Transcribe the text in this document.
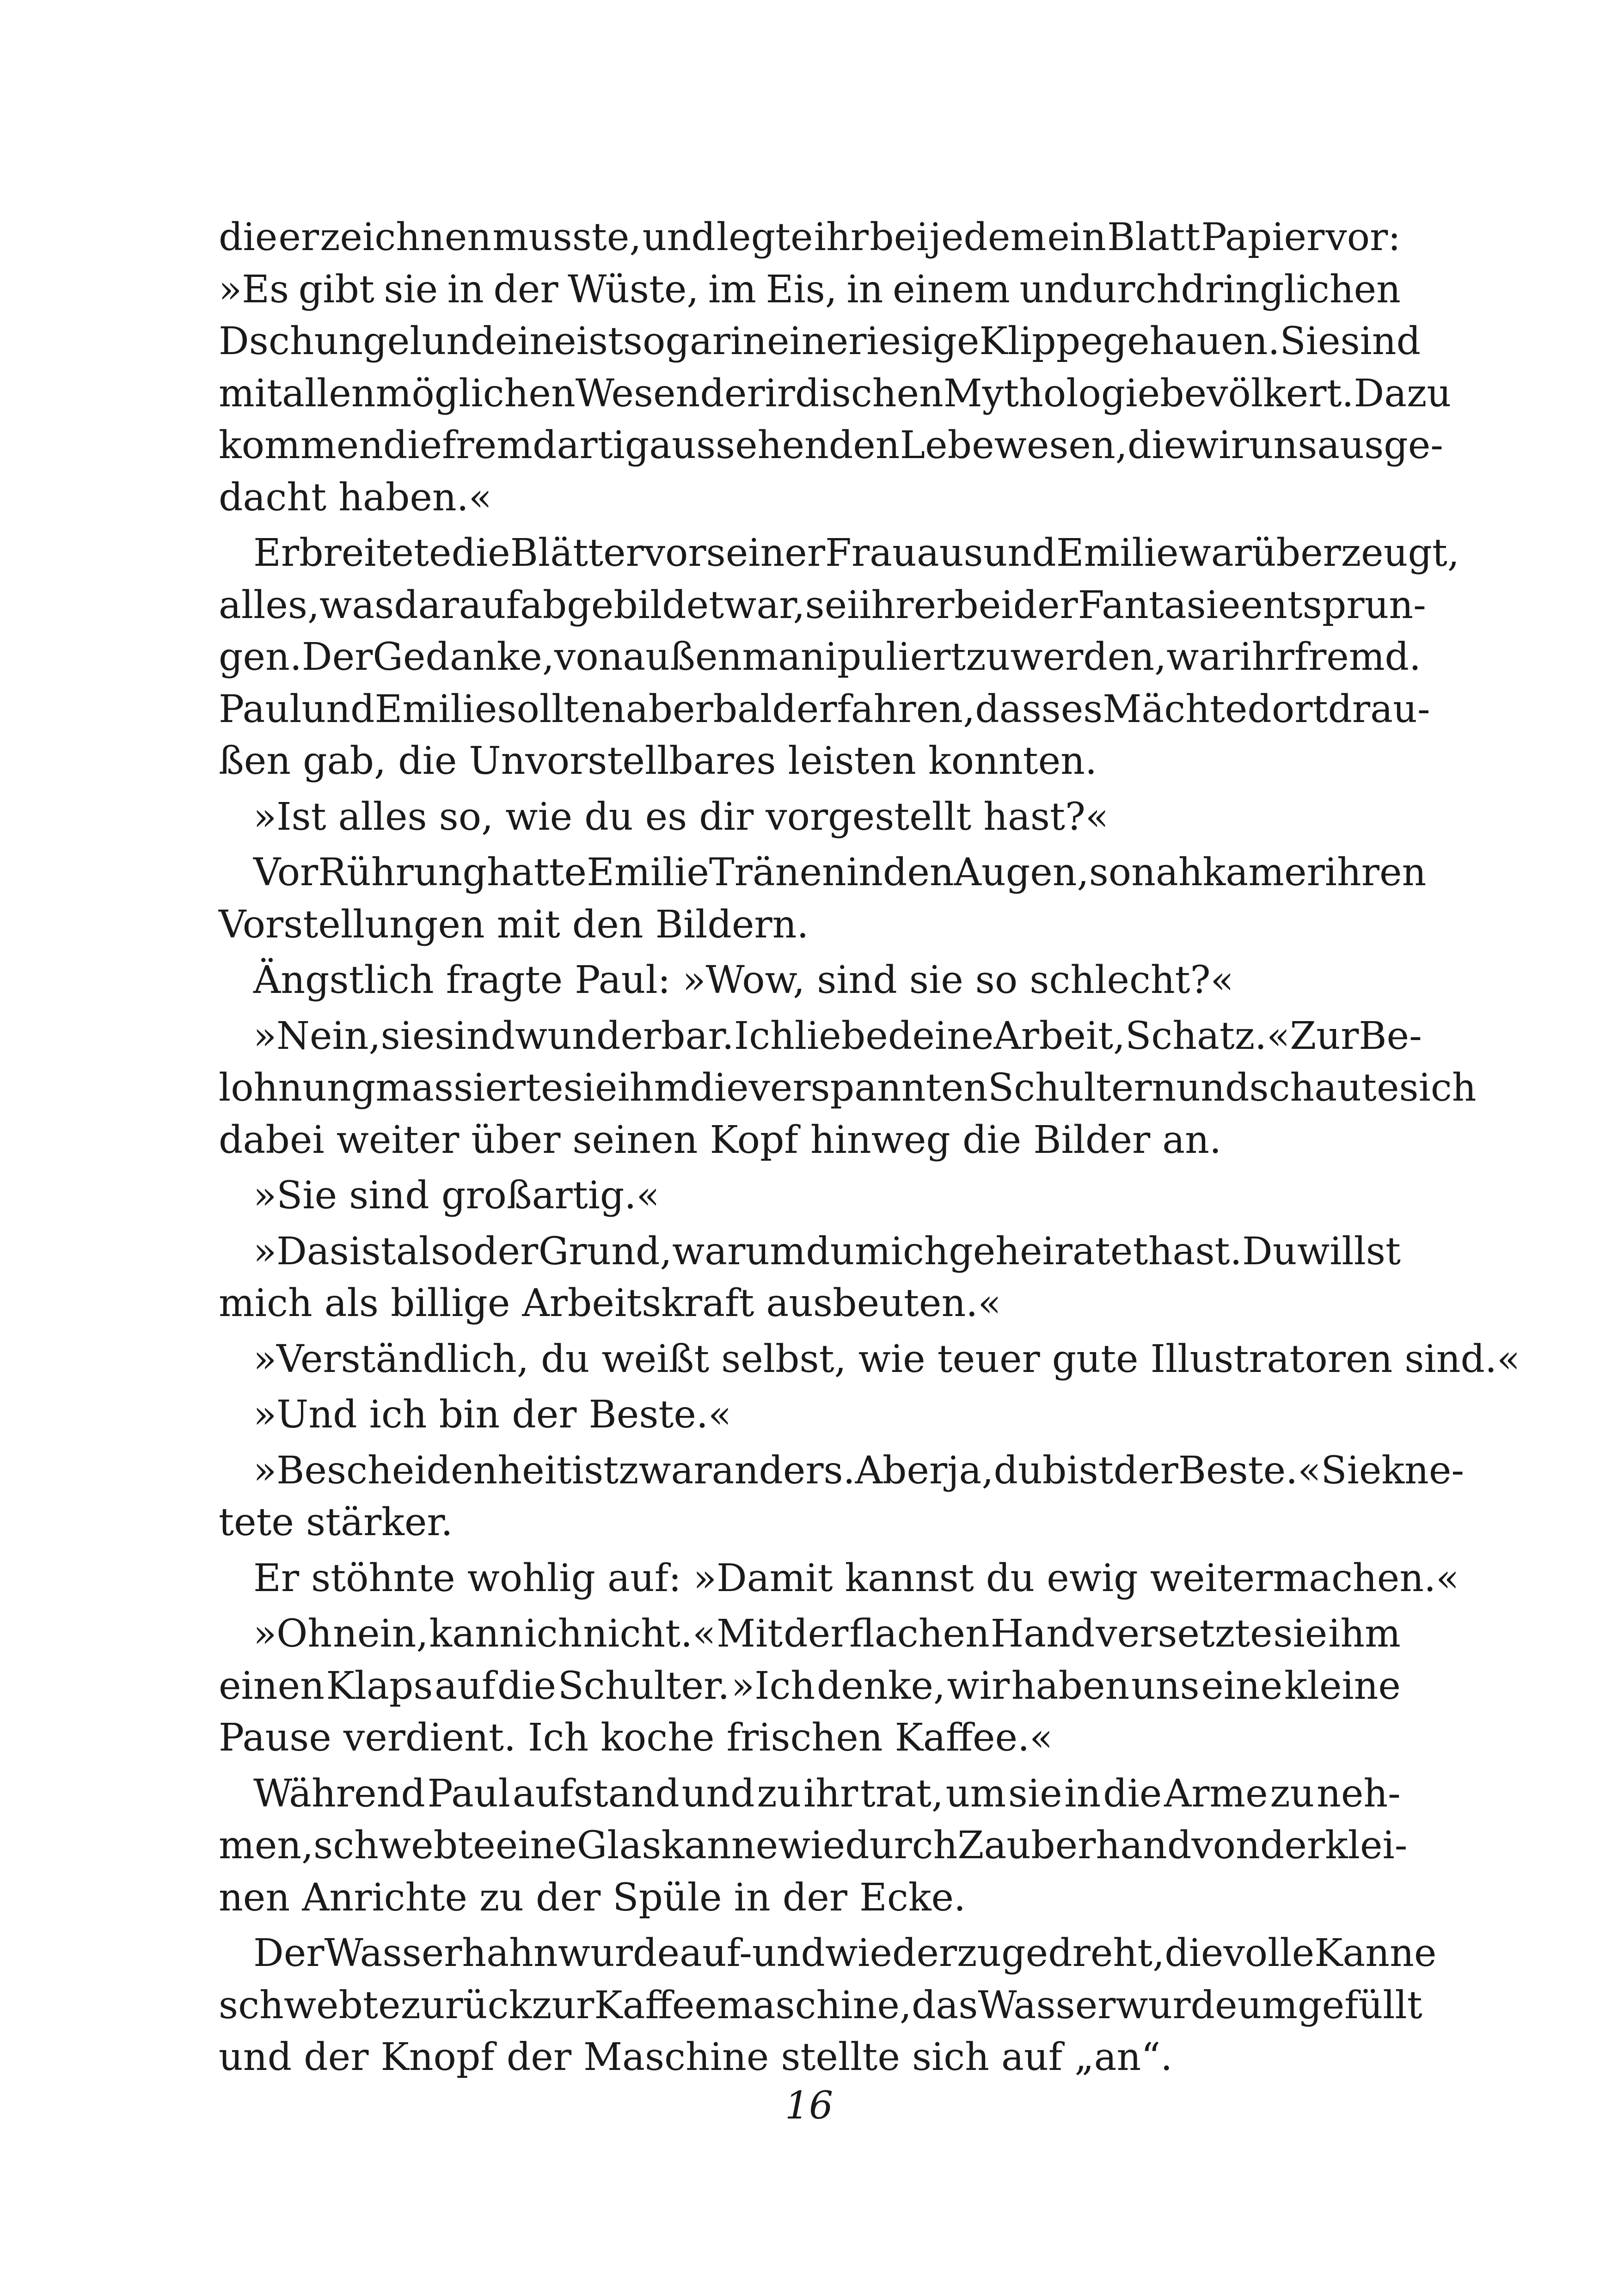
die er zeichnen musste, und legte ihr bei jedem ein Blatt Papier vor:
»Es gibt sie in der Wüste, im Eis, in einem undurchdringlichen
Dschungel und eine ist sogar in eine riesige Klippe gehauen. Sie sind
mit allen möglichen Wesen der irdischen Mythologie bevölkert. Dazu
kommen die fremdartig aussehenden Lebewesen, die wir uns ausge-
dacht haben.«
Er breitete die Blätter vor seiner Frau aus und Emilie war überzeugt,
alles, was darauf abgebildet war, sei ihrer beider Fantasie entsprun-
gen. Der Gedanke, von außen manipuliert zu werden, war ihr fremd.
Paul und Emilie sollten aber bald erfahren, dass es Mächte dort drau-
ßen gab, die Unvorstellbares leisten konnten.
»Ist alles so, wie du es dir vorgestellt hast?«
Vor Rührung hatte Emilie Tränen in den Augen, so nah kam er ihren
Vorstellungen mit den Bildern.
Ängstlich fragte Paul: »Wow, sind sie so schlecht?«
»Nein, sie sind wunderbar. Ich liebe deine Arbeit, Schatz.« Zur Be-
lohnung massierte sie ihm die verspannten Schultern und schaute sich
dabei weiter über seinen Kopf hinweg die Bilder an.
»Sie sind großartig.«
»Das ist also der Grund, warum du mich geheiratet hast. Du willst
mich als billige Arbeitskraft ausbeuten.«
»Verständlich, du weißt selbst, wie teuer gute Illustratoren sind.«
»Und ich bin der Beste.«
»Bescheidenheit ist zwar anders. Aber ja, du bist der Beste.« Sie kne-
tete stärker.
Er stöhnte wohlig auf: »Damit kannst du ewig weitermachen.«
»Oh nein, kann ich nicht.« Mit der flachen Hand versetzte sie ihm
einen Klaps auf die Schulter. »Ich denke, wir haben uns eine kleine
Pause verdient. Ich koche frischen Kaffee.«
Während Paul aufstand und zu ihr trat, um sie in die Arme zu neh-
men, schwebte eine Glaskanne wie durch Zauberhand von der klei-
nen Anrichte zu der Spüle in der Ecke.
Der Wasserhahn wurde auf- und wieder zugedreht, die volle Kanne
schwebte zurück zur Kaffeemaschine, das Wasser wurde umgefüllt
und der Knopf der Maschine stellte sich auf „an“.
16
